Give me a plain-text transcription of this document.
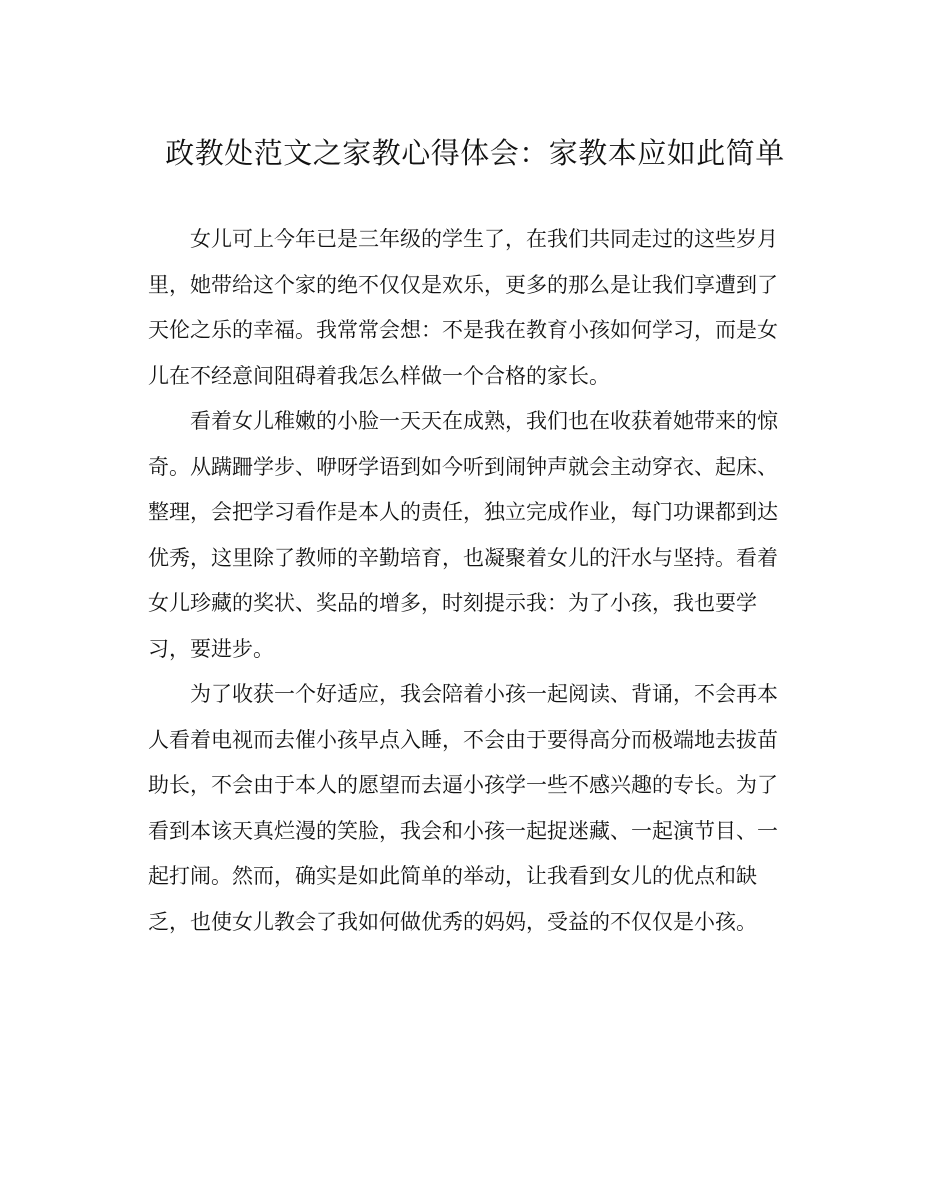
政教处范文之家教心得体会：家教本应如此简单
女儿可上今年已是三年级的学生了，在我们共同走过的这些岁月
里，她带给这个家的绝不仅仅是欢乐，更多的那么是让我们享遭到了
天伦之乐的幸福。我常常会想：不是我在教育小孩如何学习，而是女
儿在不经意间阻碍着我怎么样做一个合格的家长。
看着女儿稚嫩的小脸一天天在成熟，我们也在收获着她带来的惊
奇。从蹒跚学步、咿呀学语到如今听到闹钟声就会主动穿衣、起床、
整理，会把学习看作是本人的责任，独立完成作业，每门功课都到达
优秀，这里除了教师的辛勤培育，也凝聚着女儿的汗水与坚持。看着
女儿珍藏的奖状、奖品的增多，时刻提示我：为了小孩，我也要学
习，要进步。
为了收获一个好适应，我会陪着小孩一起阅读、背诵，不会再本
人看着电视而去催小孩早点入睡，不会由于要得高分而极端地去拔苗
助长，不会由于本人的愿望而去逼小孩学一些不感兴趣的专长。为了
看到本该天真烂漫的笑脸，我会和小孩一起捉迷藏、一起演节目、一
起打闹。然而，确实是如此简单的举动，让我看到女儿的优点和缺
乏，也使女儿教会了我如何做优秀的妈妈，受益的不仅仅是小孩。
